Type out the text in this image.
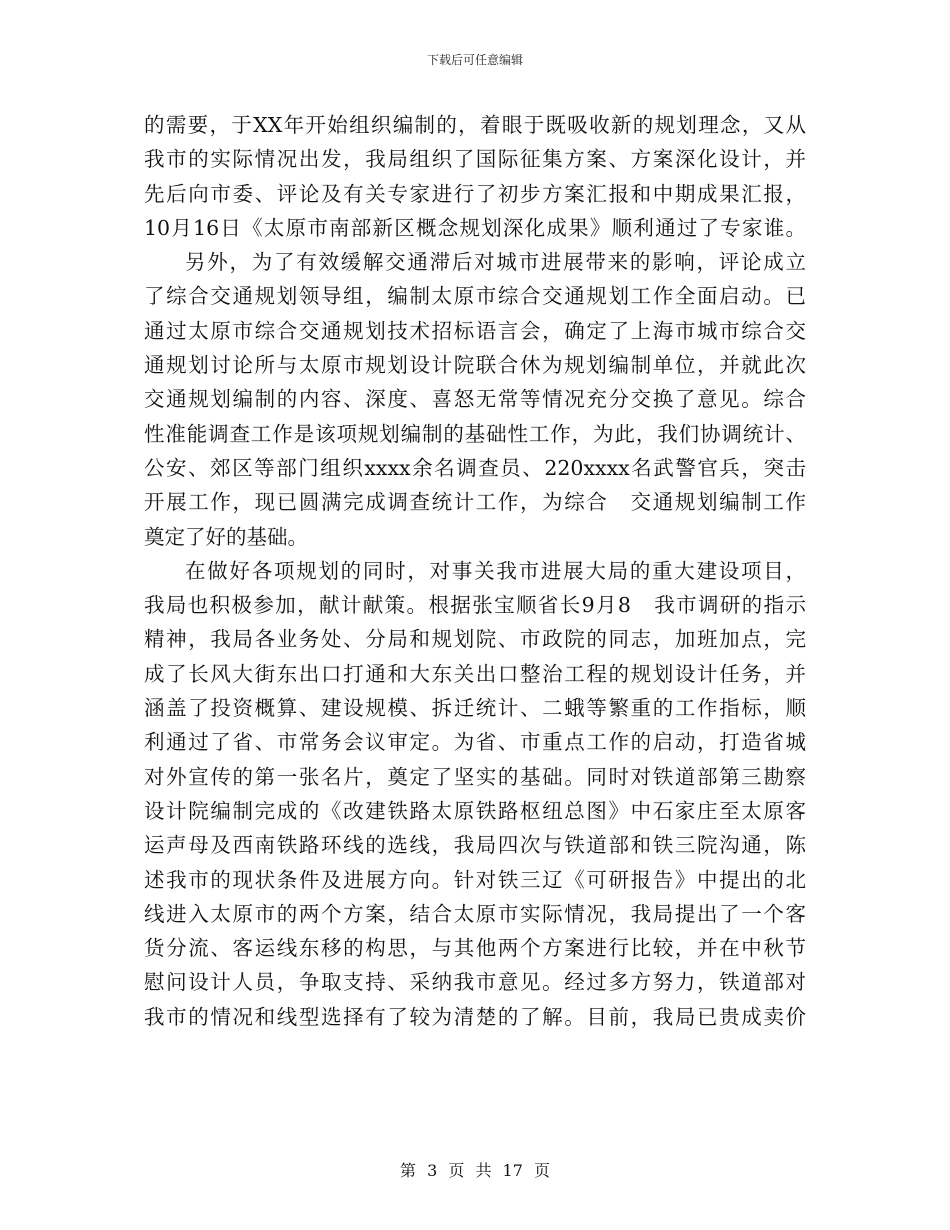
下载后可任意编辑
的需要，于XX年开始组织编制的，着眼于既吸收新的规划理念，又从
我市的实际情况出发，我局组织了国际征集方案、方案深化设计，并
先后向市委、评论及有关专家进行了初步方案汇报和中期成果汇报，
10月16日《太原市南部新区概念规划深化成果》顺利通过了专家谁。
另外，为了有效缓解交通滞后对城市进展带来的影响，评论成立
了综合交通规划领导组，编制太原市综合交通规划工作全面启动。已
通过太原市综合交通规划技术招标语言会，确定了上海市城市综合交
通规划讨论所与太原市规划设计院联合休为规划编制单位，并就此次
交通规划编制的内容、深度、喜怒无常等情况充分交换了意见。综合
性准能调查工作是该项规划编制的基础性工作，为此，我们协调统计、
公安、郊区等部门组织xxxx余名调查员、220xxxx名武警官兵，突击
开展工作，现已圆满完成调查统计工作，为综合　交通规划编制工作
奠定了好的基础。
在做好各项规划的同时，对事关我市进展大局的重大建设项目，
我局也积极参加，献计献策。根据张宝顺省长9月8　我市调研的指示
精神，我局各业务处、分局和规划院、市政院的同志，加班加点，完
成了长风大街东出口打通和大东关出口整治工程的规划设计任务，并
涵盖了投资概算、建设规模、拆迁统计、二蛾等繁重的工作指标，顺
利通过了省、市常务会议审定。为省、市重点工作的启动，打造省城
对外宣传的第一张名片，奠定了坚实的基础。同时对铁道部第三勘察
设计院编制完成的《改建铁路太原铁路枢纽总图》中石家庄至太原客
运声母及西南铁路环线的选线，我局四次与铁道部和铁三院沟通，陈
述我市的现状条件及进展方向。针对铁三辽《可研报告》中提出的北
线进入太原市的两个方案，结合太原市实际情况，我局提出了一个客
货分流、客运线东移的构思，与其他两个方案进行比较，并在中秋节
慰问设计人员，争取支持、采纳我市意见。经过多方努力，铁道部对
我市的情况和线型选择有了较为清楚的了解。目前，我局已贵成卖价
第 3 页 共 17 页
